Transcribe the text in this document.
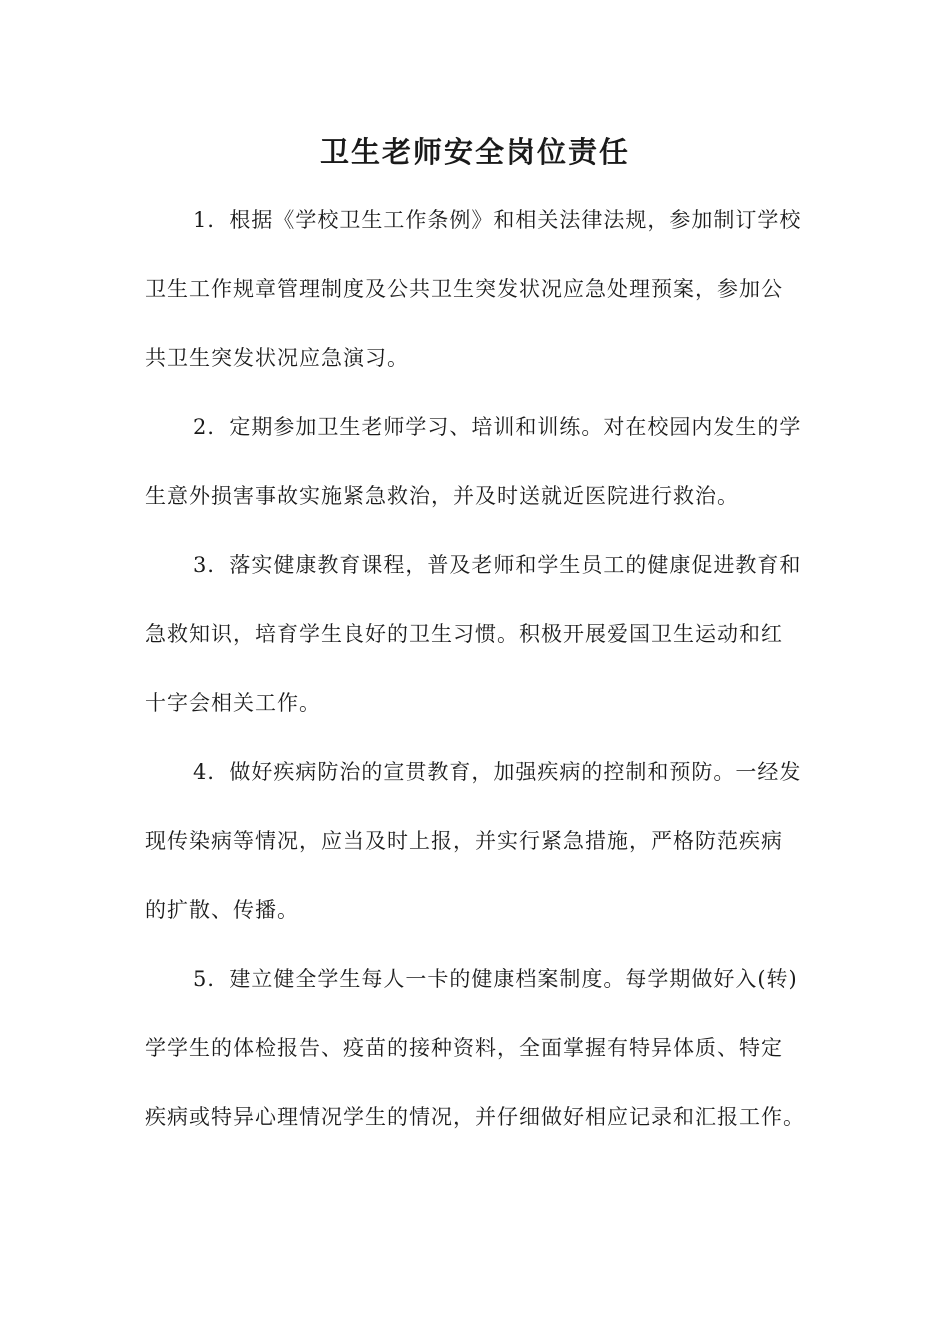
卫生老师安全岗位责任
1．根据《学校卫生工作条例》和相关法律法规，参加制订学校
卫生工作规章管理制度及公共卫生突发状况应急处理预案，参加公
共卫生突发状况应急演习。
2．定期参加卫生老师学习、培训和训练。对在校园内发生的学
生意外损害事故实施紧急救治，并及时送就近医院进行救治。
3．落实健康教育课程，普及老师和学生员工的健康促进教育和
急救知识，培育学生良好的卫生习惯。积极开展爱国卫生运动和红
十字会相关工作。
4．做好疾病防治的宣贯教育，加强疾病的控制和预防。一经发
现传染病等情况，应当及时上报，并实行紧急措施，严格防范疾病
的扩散、传播。
5．建立健全学生每人一卡的健康档案制度。每学期做好入(转)
学学生的体检报告、疫苗的接种资料，全面掌握有特异体质、特定
疾病或特异心理情况学生的情况，并仔细做好相应记录和汇报工作。
